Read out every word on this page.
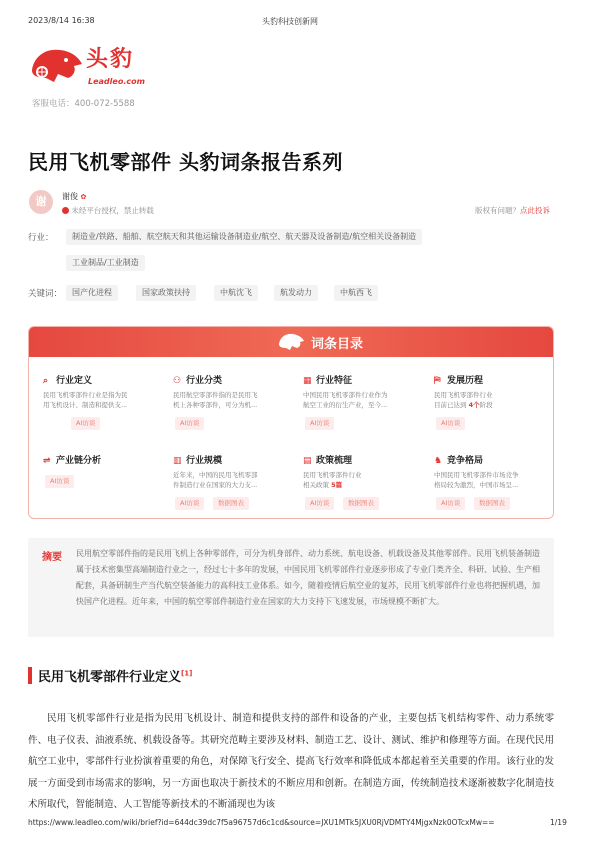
2023/8/14 16:38	头豹科技创新网
头豹
Leadleo.com
客服电话：400-072-5588
民用飞机零部件 头豹词条报告系列
谢	谢俊 ✿
未经平台授权，禁止转载	版权有问题？点此投诉
行业：	制造业/铁路、船舶、航空航天和其他运输设备制造业/航空、航天器及设备制造/航空相关设备制造
工业制品/工业制造
关键词：	国产化进程	国家政策扶持	中航沈飞	航发动力	中航西飞
词条目录
⌕ 行业定义
民用飞机零部件行业是指为民
用飞机设计、制造和提供支...
AI访谈
⚇ 行业分类
民用航空零部件指的是民用飞
机上各种零部件，可分为机...
AI访谈
▦ 行业特征
中国民用飞机零部件行业作为
航空工业的衍生产业，至今...
AI访谈
⛿ 发展历程
民用飞机零部件行业
目前已达到 4个阶段
AI访谈
⇌ 产业链分析
AI访谈
▥ 行业规模
近年来，中国的民用飞机零部
件制造行业在国家的大力支...
AI访谈	数据图表
▤ 政策梳理
民用飞机零部件行业
相关政策 5篇
AI访谈	数据图表
♞ 竞争格局
中国民用飞机零部件市场竞争
格局较为激烈，中国市场呈...
AI访谈	数据图表
摘要 民用航空零部件指的是民用飞机上各种零部件，可分为机身部件、动力系统、航电设备、机载设备及其他零部件。民用飞机装备制造属于技术密集型高端制造行业之一，经过七十多年的发展，中国民用飞机零部件行业逐步形成了专业门类齐全、科研、试验、生产相配套，具备研制生产当代航空装备能力的高科技工业体系。如今，随着疫情后航空业的复苏，民用飞机零部件行业也将把握机遇，加快国产化进程。近年来，中国的航空零部件制造行业在国家的大力支持下飞速发展，市场规模不断扩大。
民用飞机零部件行业定义[1]
民用飞机零部件行业是指为民用飞机设计、制造和提供支持的部件和设备的产业，主要包括飞机结构零件、动力系统零件、电子仪表、油液系统、机载设备等。其研究范畴主要涉及材料、制造工艺、设计、测试、维护和修理等方面。在现代民用航空工业中，零部件行业扮演着重要的角色，对保障飞行安全、提高飞行效率和降低成本都起着至关重要的作用。该行业的发展一方面受到市场需求的影响，另一方面也取决于新技术的不断应用和创新。在制造方面，传统制造技术逐渐被数字化制造技术所取代，智能制造、人工智能等新技术的不断涌现也为该
https://www.leadleo.com/wiki/brief?id=644dc39dc7f5a96757d6c1cd&source=JXU1MTk5JXU0RjVDMTY4MjgxNzk0OTcxMw==	1/19
